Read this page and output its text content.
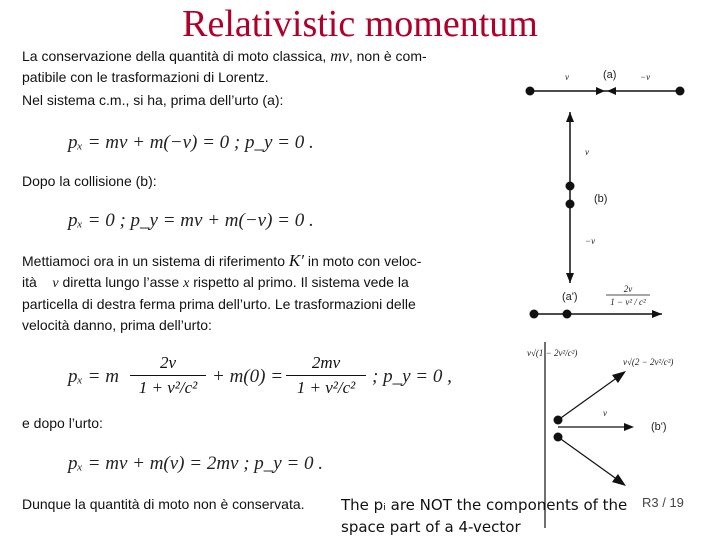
Relativistic momentum
La conservazione della quantità di moto classica, mv, non è com-
patibile con le trasformazioni di Lorentz.
Nel sistema c.m., si ha, prima dell’urto (a):
pₓ = mv + m(−v) = 0 ; p_y = 0 .
Dopo la collisione (b):
pₓ = 0 ; p_y = mv + m(−v) = 0 .
Mettiamoci ora in un sistema di riferimento K′ in moto con veloc-
ità v diretta lungo l’asse x rispetto al primo. Il sistema vede la
particella di destra ferma prima dell’urto. Le trasformazioni delle
velocità danno, prima dell’urto:
pₓ = m
2v
1 + v²/c²
+ m(0) =
2mv
1 + v²/c²
; p_y = 0 ,
e dopo l’urto:
pₓ = mv + m(v) = 2mv ; p_y = 0 .
Dunque la quantità di moto non è conservata. The pᵢ are NOT the components of the space part of a 4-vector
R3 / 19
v	−v
(a)
v
−v
(b)
(a')
2v
1 − v² / c²
v√(1 − 2v²/c²)
v√(2 − 2v²/c²)
v
(b')
